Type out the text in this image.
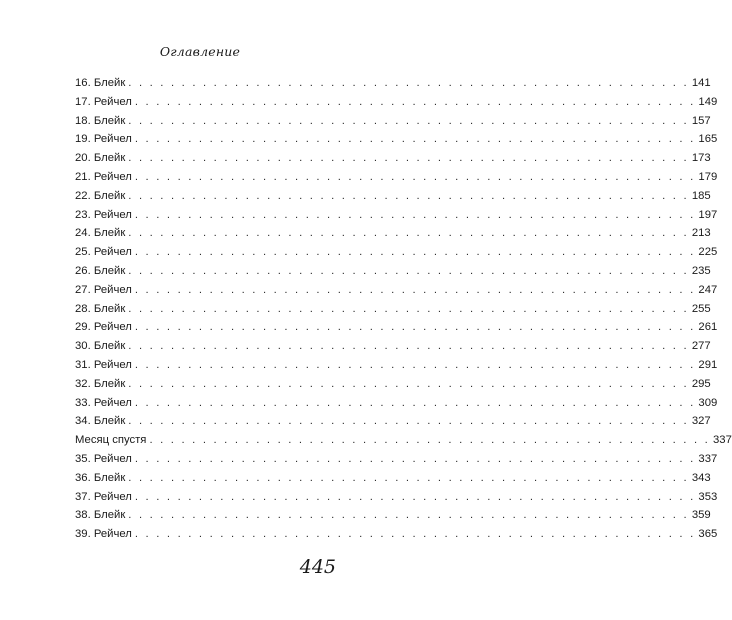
Оглавление
16. Блейк . . . . . . . . . . . . . . . . . . . . . . . . . . . . . . . . . . . . . . . . . . . . . . . . . . . . . 141
17. Рейчел . . . . . . . . . . . . . . . . . . . . . . . . . . . . . . . . . . . . . . . . . . . . . . . . . . . . . 149
18. Блейк . . . . . . . . . . . . . . . . . . . . . . . . . . . . . . . . . . . . . . . . . . . . . . . . . . . . . 157
19. Рейчел . . . . . . . . . . . . . . . . . . . . . . . . . . . . . . . . . . . . . . . . . . . . . . . . . . . . . 165
20. Блейк . . . . . . . . . . . . . . . . . . . . . . . . . . . . . . . . . . . . . . . . . . . . . . . . . . . . . 173
21. Рейчел . . . . . . . . . . . . . . . . . . . . . . . . . . . . . . . . . . . . . . . . . . . . . . . . . . . . . 179
22. Блейк . . . . . . . . . . . . . . . . . . . . . . . . . . . . . . . . . . . . . . . . . . . . . . . . . . . . . 185
23. Рейчел . . . . . . . . . . . . . . . . . . . . . . . . . . . . . . . . . . . . . . . . . . . . . . . . . . . . . 197
24. Блейк . . . . . . . . . . . . . . . . . . . . . . . . . . . . . . . . . . . . . . . . . . . . . . . . . . . . . 213
25. Рейчел . . . . . . . . . . . . . . . . . . . . . . . . . . . . . . . . . . . . . . . . . . . . . . . . . . . . . 225
26. Блейк . . . . . . . . . . . . . . . . . . . . . . . . . . . . . . . . . . . . . . . . . . . . . . . . . . . . . 235
27. Рейчел . . . . . . . . . . . . . . . . . . . . . . . . . . . . . . . . . . . . . . . . . . . . . . . . . . . . . 247
28. Блейк . . . . . . . . . . . . . . . . . . . . . . . . . . . . . . . . . . . . . . . . . . . . . . . . . . . . . 255
29. Рейчел . . . . . . . . . . . . . . . . . . . . . . . . . . . . . . . . . . . . . . . . . . . . . . . . . . . . . 261
30. Блейк . . . . . . . . . . . . . . . . . . . . . . . . . . . . . . . . . . . . . . . . . . . . . . . . . . . . . 277
31. Рейчел . . . . . . . . . . . . . . . . . . . . . . . . . . . . . . . . . . . . . . . . . . . . . . . . . . . . . 291
32. Блейк . . . . . . . . . . . . . . . . . . . . . . . . . . . . . . . . . . . . . . . . . . . . . . . . . . . . . 295
33. Рейчел . . . . . . . . . . . . . . . . . . . . . . . . . . . . . . . . . . . . . . . . . . . . . . . . . . . . . 309
34. Блейк . . . . . . . . . . . . . . . . . . . . . . . . . . . . . . . . . . . . . . . . . . . . . . . . . . . . . 327
Месяц спустя . . . . . . . . . . . . . . . . . . . . . . . . . . . . . . . . . . . . . . . . . . . . . . . . . . . . . 337
35. Рейчел . . . . . . . . . . . . . . . . . . . . . . . . . . . . . . . . . . . . . . . . . . . . . . . . . . . . . 337
36. Блейк . . . . . . . . . . . . . . . . . . . . . . . . . . . . . . . . . . . . . . . . . . . . . . . . . . . . . 343
37. Рейчел . . . . . . . . . . . . . . . . . . . . . . . . . . . . . . . . . . . . . . . . . . . . . . . . . . . . . 353
38. Блейк . . . . . . . . . . . . . . . . . . . . . . . . . . . . . . . . . . . . . . . . . . . . . . . . . . . . . 359
39. Рейчел . . . . . . . . . . . . . . . . . . . . . . . . . . . . . . . . . . . . . . . . . . . . . . . . . . . . . 365
445
